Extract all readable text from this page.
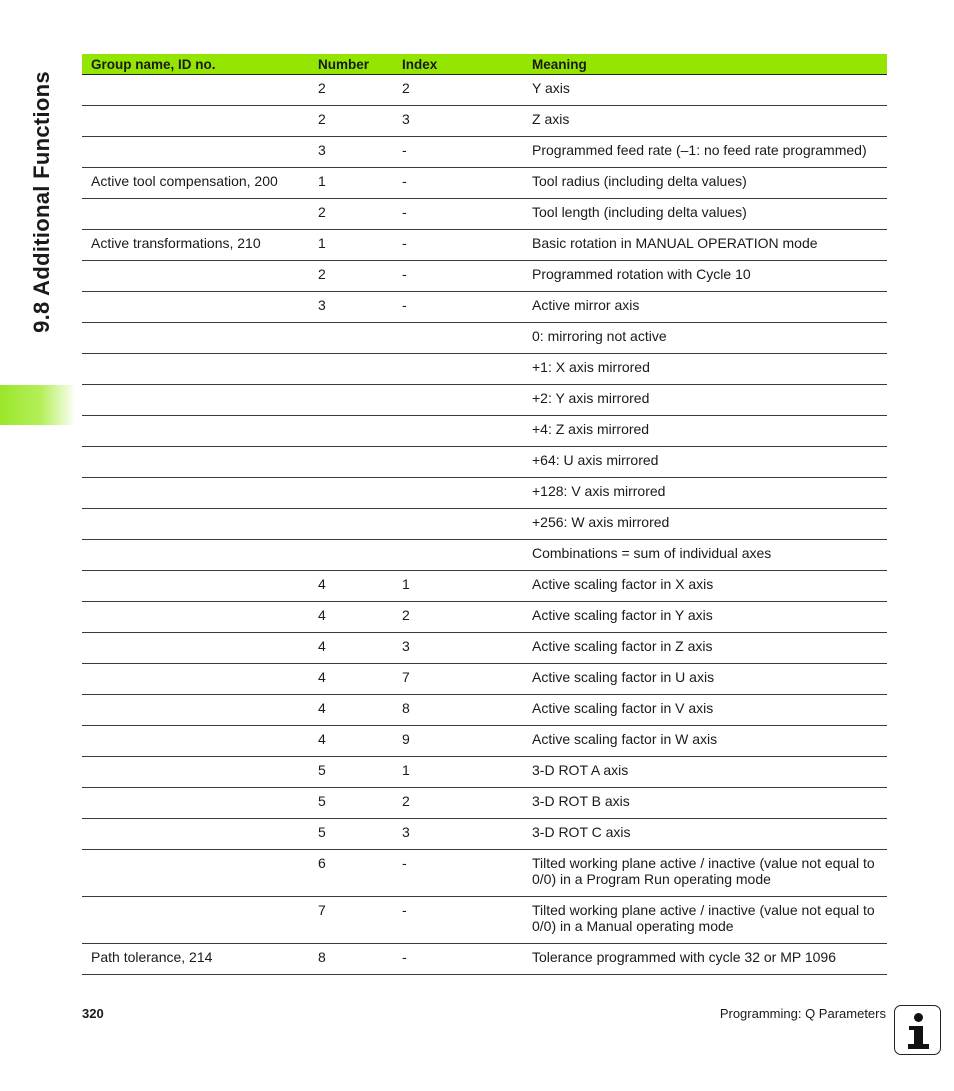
9.8 Additional Functions
Group name, ID no.	Number	Index	Meaning
	2	2	Y axis
	2	3	Z axis
	3	-	Programmed feed rate (–1: no feed rate programmed)
Active tool compensation, 200	1	-	Tool radius (including delta values)
	2	-	Tool length (including delta values)
Active transformations, 210	1	-	Basic rotation in MANUAL OPERATION mode
	2	-	Programmed rotation with Cycle 10
	3	-	Active mirror axis
			0: mirroring not active
			+1: X axis mirrored
			+2: Y axis mirrored
			+4: Z axis mirrored
			+64: U axis mirrored
			+128: V axis mirrored
			+256: W axis mirrored
			Combinations = sum of individual axes
	4	1	Active scaling factor in X axis
	4	2	Active scaling factor in Y axis
	4	3	Active scaling factor in Z axis
	4	7	Active scaling factor in U axis
	4	8	Active scaling factor in V axis
	4	9	Active scaling factor in W axis
	5	1	3-D ROT A axis
	5	2	3-D ROT B axis
	5	3	3-D ROT C axis
	6	-	Tilted working plane active / inactive (value not equal to 0/0) in a Program Run operating mode
	7	-	Tilted working plane active / inactive (value not equal to 0/0) in a Manual operating mode
Path tolerance, 214	8	-	Tolerance programmed with cycle 32 or MP 1096
320	Programming: Q Parameters
